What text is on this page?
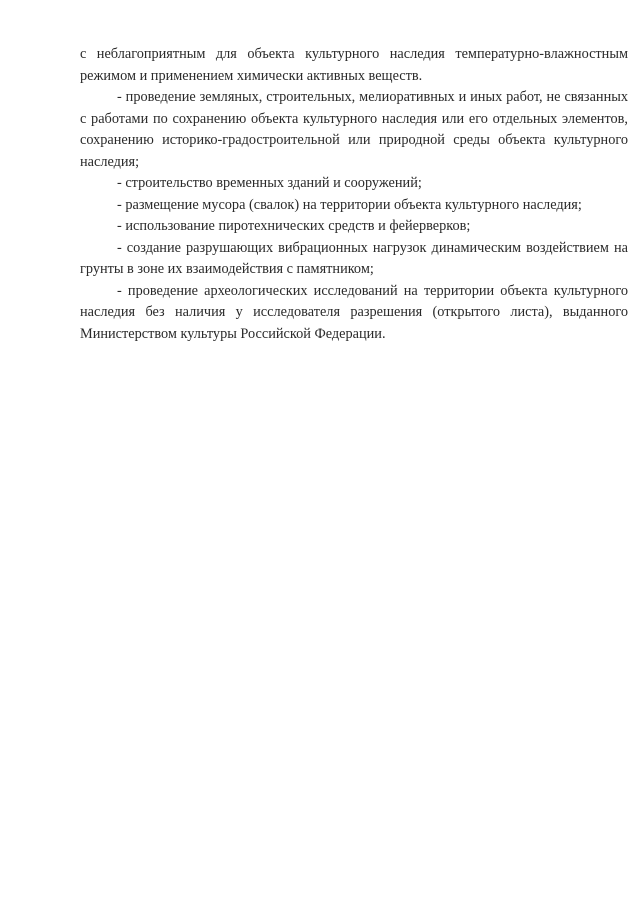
с неблагоприятным для объекта культурного наследия температурно-влажностным режимом и применением химически активных веществ.

- проведение земляных, строительных, мелиоративных и иных работ, не связанных с работами по сохранению объекта культурного наследия или его отдельных элементов, сохранению историко-градостроительной или природной среды объекта культурного наследия;

- строительство временных зданий и сооружений;

- размещение мусора (свалок) на территории объекта культурного наследия;

- использование пиротехнических средств и фейерверков;

- создание разрушающих вибрационных нагрузок динамическим воздействием на грунты в зоне их взаимодействия с памятником;

- проведение археологических исследований на территории объекта культурного наследия без наличия у исследователя разрешения (открытого листа), выданного Министерством культуры Российской Федерации.
